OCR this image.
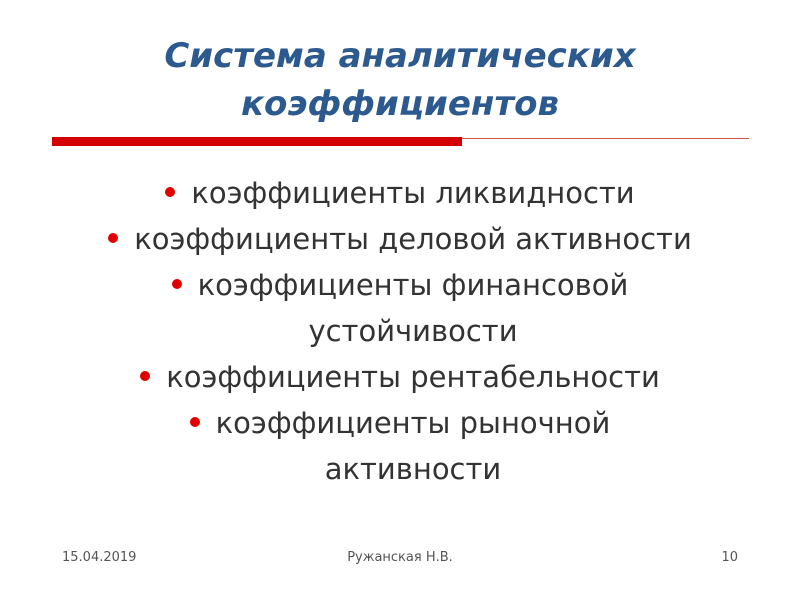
Система аналитических
коэффициентов
коэффициенты ликвидности
коэффициенты деловой активности
коэффициенты финансовой
устойчивости
коэффициенты рентабельности
коэффициенты рыночной
активности
15.04.2019	Ружанская Н.В.	10
